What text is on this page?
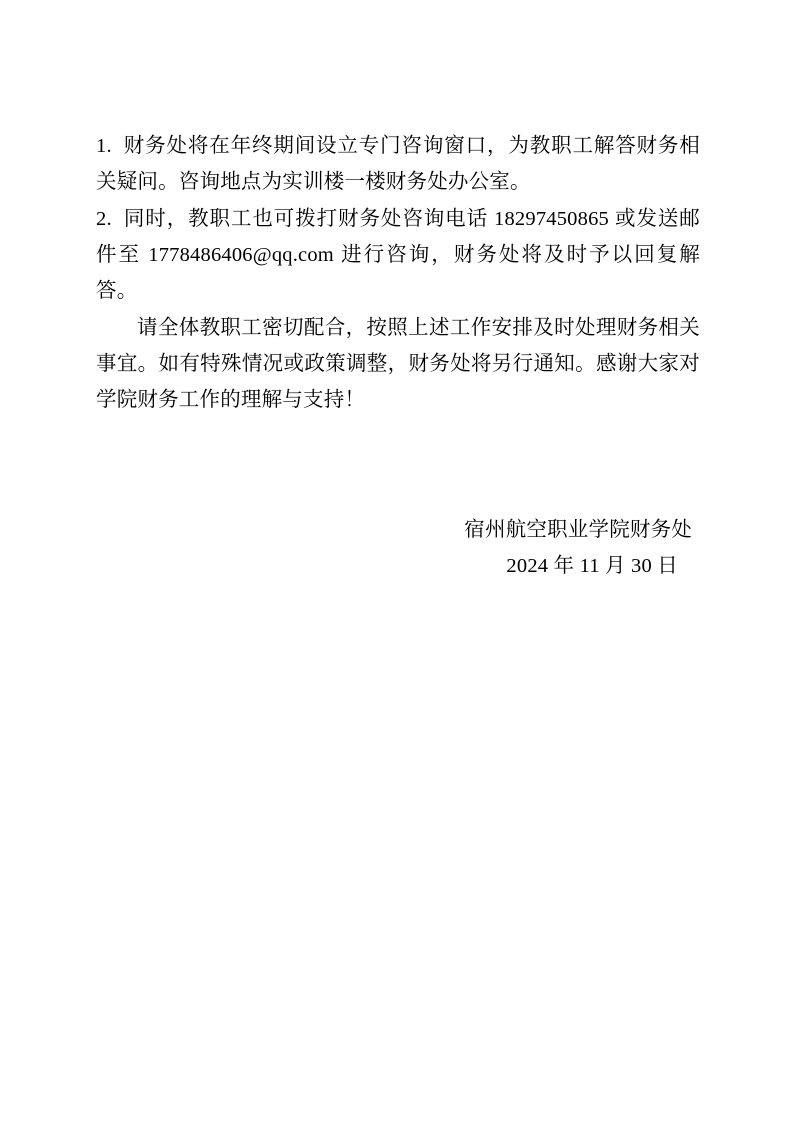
1.  财务处将在年终期间设立专门咨询窗口，为教职工解答财务相关疑问。咨询地点为实训楼一楼财务处办公室。

2.  同时，教职工也可拨打财务处咨询电话 18297450865 或发送邮件至 1778486406@qq.com 进行咨询，财务处将及时予以回复解答。

请全体教职工密切配合，按照上述工作安排及时处理财务相关事宜。如有特殊情况或政策调整，财务处将另行通知。感谢大家对学院财务工作的理解与支持！

宿州航空职业学院财务处
2024 年 11 月 30 日
